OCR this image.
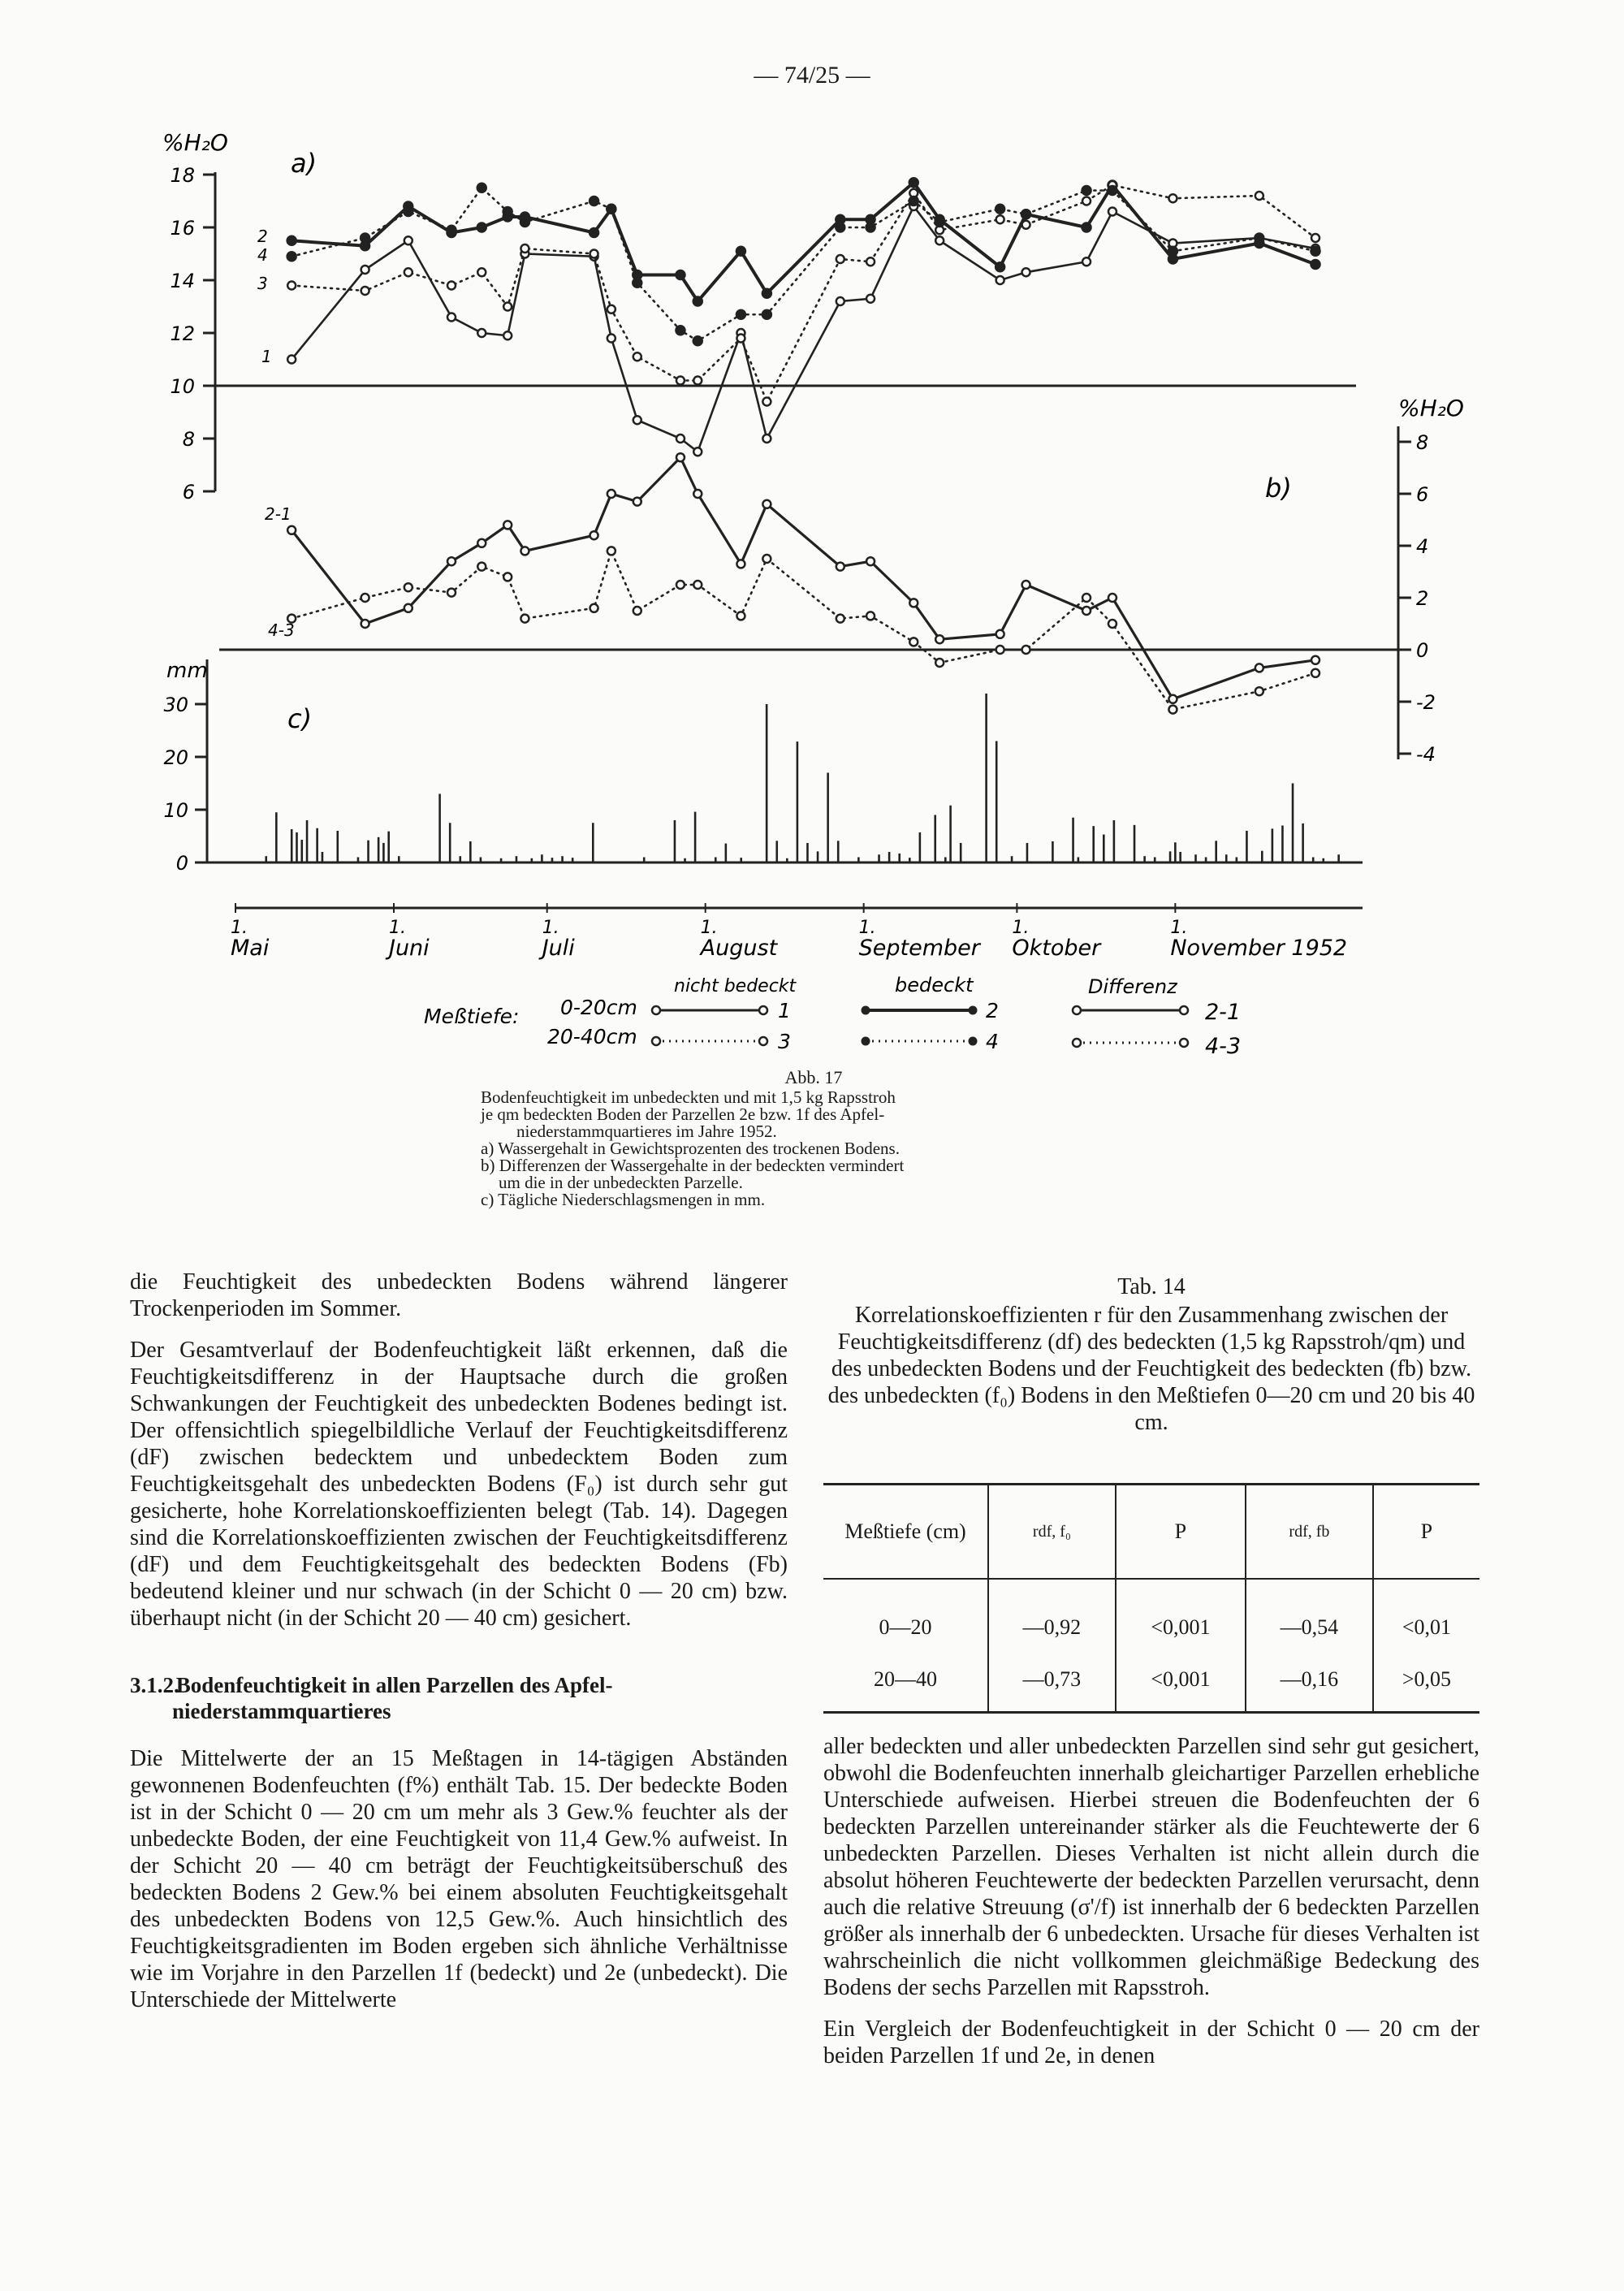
— 74/25 —
6
8
10
12
14
16
18
%H₂O
a)
2
4
3
1
8
6
4
2
0
-2
-4
%H₂O
b)
2-1
4-3
0
10
20
30
mm
c)
1.
Mai
1.
Juni
1.
Juli
1.
August
1.
September
1.
Oktober
1.
November 1952
nicht bedeckt	bedeckt	Differenz
Meßtiefe: 0-20cm
20-40cm
1
3
2
4
2-1
4-3
Abb. 17

Bodenfeuchtigkeit im unbedeckten und mit 1,5 kg Rapsstroh

je qm bedeckten Boden der Parzellen 2e bzw. 1f des Apfel-

niederstammquartieres im Jahre 1952.

a) Wassergehalt in Gewichtsprozenten des trockenen Bodens.

b) Differenzen der Wassergehalte in der bedeckten vermindert

um die in der unbedeckten Parzelle.

c) Tägliche Niederschlagsmengen in mm.

die Feuchtigkeit des unbedeckten Bodens während längerer Trockenperioden im Sommer.

Der Gesamtverlauf der Bodenfeuchtigkeit läßt erkennen, daß die Feuchtigkeitsdifferenz in der Hauptsache durch die großen Schwankungen der Feuchtigkeit des unbedeckten Bodenes bedingt ist. Der offensichtlich spiegelbildliche Verlauf der Feuchtigkeitsdifferenz (dF) zwischen bedecktem und unbedecktem Boden zum Feuchtigkeitsgehalt des unbedeckten Bodens (F₀) ist durch sehr gut gesicherte, hohe Korrelationskoeffizienten belegt (Tab. 14). Dagegen sind die Korrelationskoeffizienten zwischen der Feuchtigkeitsdifferenz (dF) und dem Feuchtigkeitsgehalt des bedeckten Bodens (Fb) bedeutend kleiner und nur schwach (in der Schicht 0 — 20 cm) bzw. überhaupt nicht (in der Schicht 20 — 40 cm) gesichert.

3.1.2. Bodenfeuchtigkeit in allen Parzellen des Apfel-
niederstammquartieres

Die Mittelwerte der an 15 Meßtagen in 14-tägigen Abständen gewonnenen Bodenfeuchten (f%) enthält Tab. 15. Der bedeckte Boden ist in der Schicht 0 — 20 cm um mehr als 3 Gew.% feuchter als der unbedeckte Boden, der eine Feuchtigkeit von 11,4 Gew.% aufweist. In der Schicht 20 — 40 cm beträgt der Feuchtigkeitsüberschuß des bedeckten Bodens 2 Gew.% bei einem absoluten Feuchtigkeitsgehalt des unbedeckten Bodens von 12,5 Gew.%. Auch hinsichtlich des Feuchtigkeitsgradienten im Boden ergeben sich ähnliche Verhältnisse wie im Vorjahre in den Parzellen 1f (bedeckt) und 2e (unbedeckt). Die Unterschiede der Mittelwerte

Tab. 14
Korrelationskoeffizienten r für den Zusammenhang zwischen der Feuchtigkeitsdifferenz (df) des bedeckten (1,5 kg Rapsstroh/qm) und des unbedeckten Bodens und der Feuchtigkeit des bedeckten (fb) bzw. des unbedeckten (f₀) Bodens in den Meßtiefen 0—20 cm und 20 bis 40 cm.
Meßtiefe (cm)	rdf, f₀	P	rdf, fb	P
0—20	—0,92	<0,001	—0,54	<0,01
20—40	—0,73	<0,001	—0,16	>0,05

aller bedeckten und aller unbedeckten Parzellen sind sehr gut gesichert, obwohl die Bodenfeuchten innerhalb gleichartiger Parzellen erhebliche Unterschiede aufweisen. Hierbei streuen die Bodenfeuchten der 6 bedeckten Parzellen untereinander stärker als die Feuchtewerte der 6 unbedeckten Parzellen. Dieses Verhalten ist nicht allein durch die absolut höheren Feuchtewerte der bedeckten Parzellen verursacht, denn auch die relative Streuung (σ'/f) ist innerhalb der 6 bedeckten Parzellen größer als innerhalb der 6 unbedeckten. Ursache für dieses Verhalten ist wahrscheinlich die nicht vollkommen gleichmäßige Bedeckung des Bodens der sechs Parzellen mit Rapsstroh.

Ein Vergleich der Bodenfeuchtigkeit in der Schicht 0 — 20 cm der beiden Parzellen 1f und 2e, in denen
